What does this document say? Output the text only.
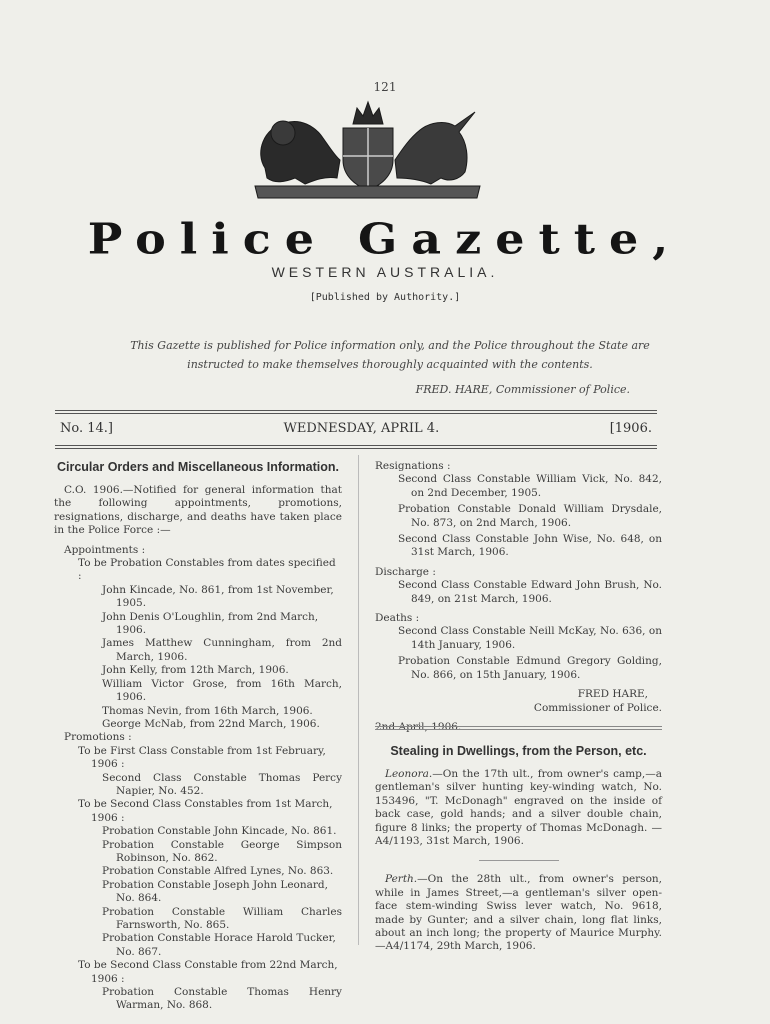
121
Police Gazette,
WESTERN AUSTRALIA.
[Published by Authority.]
This Gazette is published for Police information only, and the Police throughout the State are
instructed to make themselves thoroughly acquainted with the contents.
FRED. HARE, Commissioner of Police.
No. 14.]	WEDNESDAY, APRIL 4.	[1906.
Circular Orders and Miscellaneous Information.

C.O. 1906.—Notified for general information that the following appointments, promotions, resignations, discharge, and deaths have taken place in the Police Force :—

Appointments :

To be Probation Constables from dates specified :

John Kincade, No. 861, from 1st November, 1905.

John Denis O'Loughlin, from 2nd March, 1906.

James Matthew Cunningham, from 2nd March, 1906.

John Kelly, from 12th March, 1906.

William Victor Grose, from 16th March, 1906.

Thomas Nevin, from 16th March, 1906.

George McNab, from 22nd March, 1906.

Promotions :

To be First Class Constable from 1st February, 1906 :

Second Class Constable Thomas Percy Napier, No. 452.

To be Second Class Constables from 1st March, 1906 :

Probation Constable John Kincade, No. 861.

Probation Constable George Simpson Robinson, No. 862.

Probation Constable Alfred Lynes, No. 863.

Probation Constable Joseph John Leonard, No. 864.

Probation Constable William Charles Farnsworth, No. 865.

Probation Constable Horace Harold Tucker, No. 867.

To be Second Class Constable from 22nd March, 1906 :

Probation Constable Thomas Henry Warman, No. 868.

Resignations :

Second Class Constable William Vick, No. 842, on 2nd December, 1905.

Probation Constable Donald William Drysdale, No. 873, on 2nd March, 1906.

Second Class Constable John Wise, No. 648, on 31st March, 1906.

Discharge :

Second Class Constable Edward John Brush, No. 849, on 21st March, 1906.

Deaths :

Second Class Constable Neill McKay, No. 636, on 14th January, 1906.

Probation Constable Edmund Gregory Golding, No. 866, on 15th January, 1906.

FRED HARE,

Commissioner of Police.

2nd April, 1906.

Stealing in Dwellings, from the Person, etc.

Leonora.—On the 17th ult., from owner's camp,—a gentleman's silver hunting key-winding watch, No. 153496, "T. McDonagh" engraved on the inside of back case, gold hands; and a silver double chain, figure 8 links; the property of Thomas McDonagh. —A4/1193, 31st March, 1906.

Perth.—On the 28th ult., from owner's person, while in James Street,—a gentleman's silver open-face stem-winding Swiss lever watch, No. 9618, made by Gunter; and a silver chain, long flat links, about an inch long; the property of Maurice Murphy.—A4/1174, 29th March, 1906.
